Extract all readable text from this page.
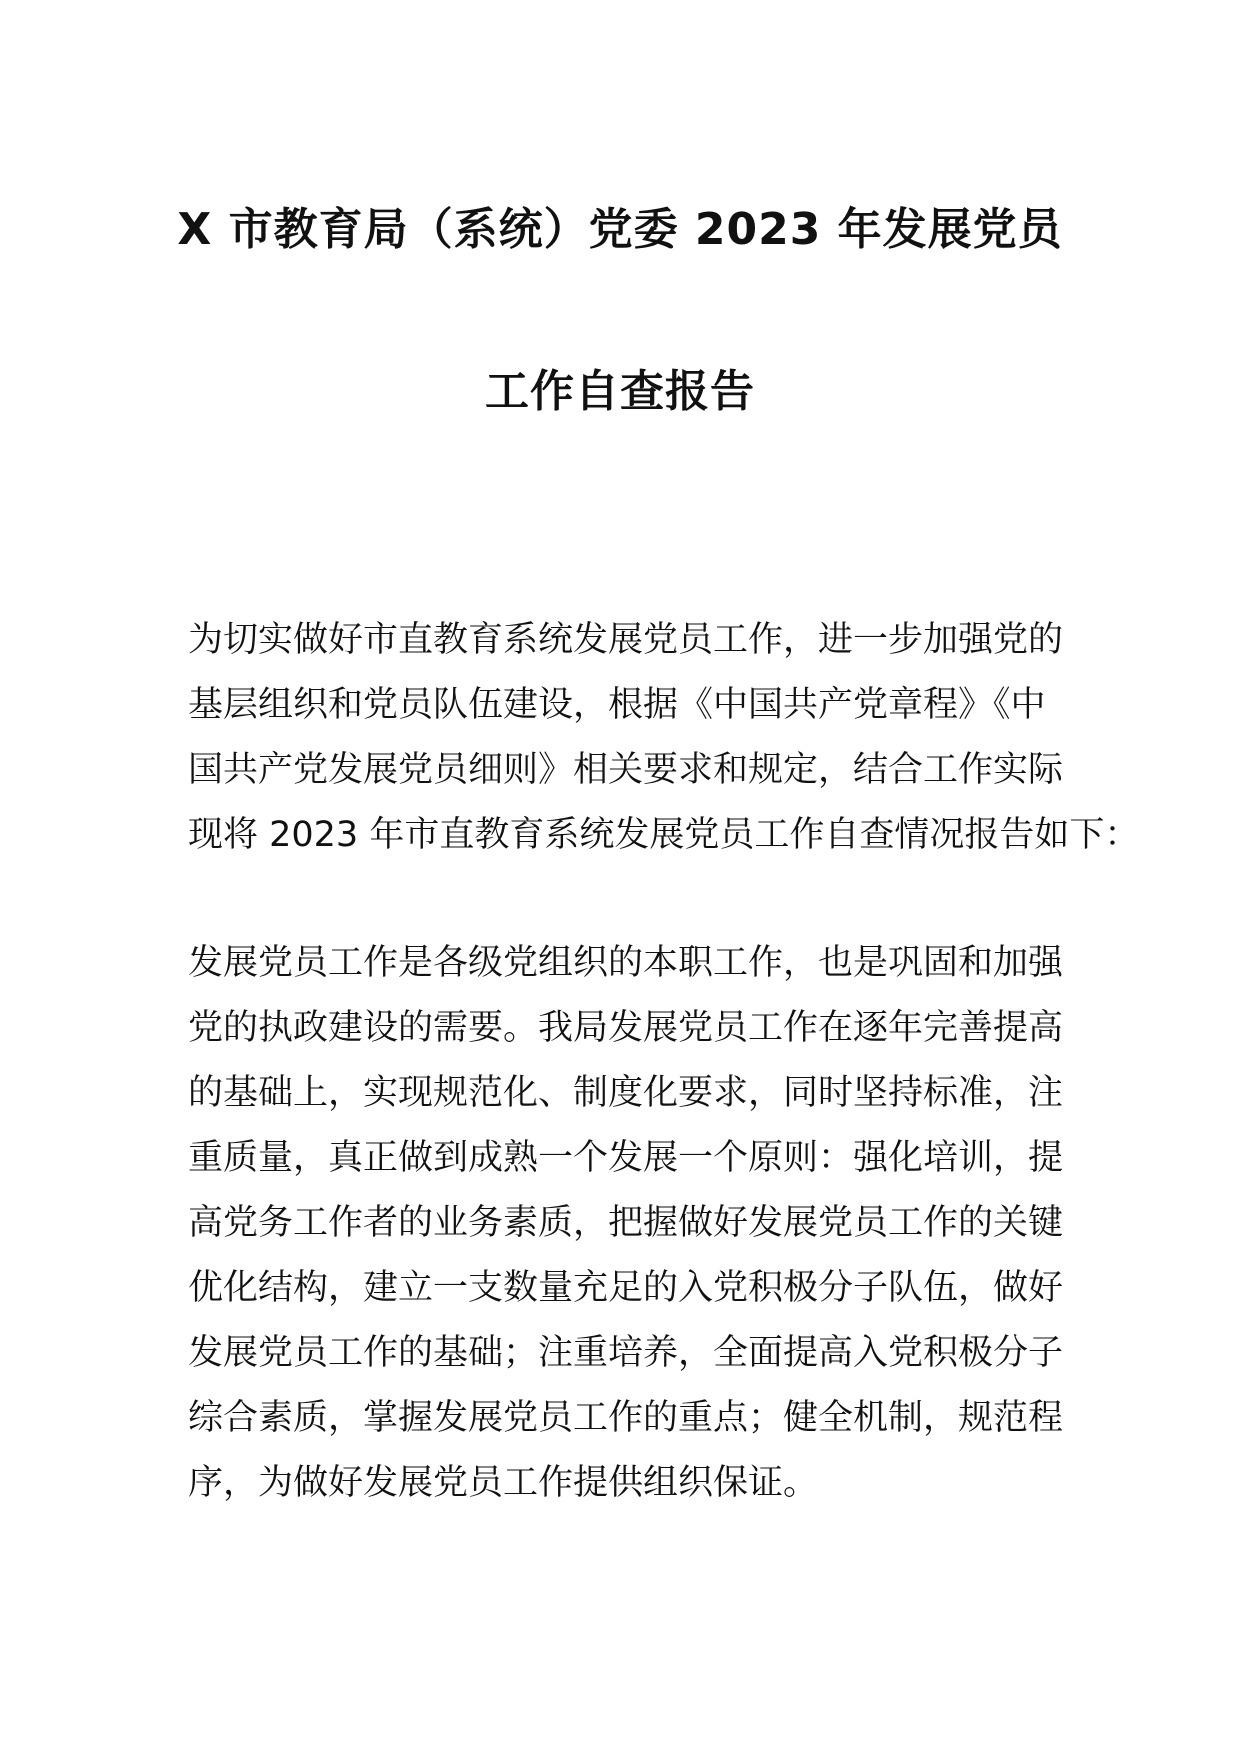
X 市教育局（系统）党委 2023 年发展党员
工作自查报告

为切实做好市直教育系统发展党员工作，进一步加强党的
基层组织和党员队伍建设，根据《中国共产党章程》《中
国共产党发展党员细则》相关要求和规定，结合工作实际
现将 2023 年市直教育系统发展党员工作自查情况报告如下：

发展党员工作是各级党组织的本职工作，也是巩固和加强
党的执政建设的需要。我局发展党员工作在逐年完善提高
的基础上，实现规范化、制度化要求，同时坚持标准，注
重质量，真正做到成熟一个发展一个原则：强化培训，提
高党务工作者的业务素质，把握做好发展党员工作的关键
优化结构，建立一支数量充足的入党积极分子队伍，做好
发展党员工作的基础；注重培养，全面提高入党积极分子
综合素质，掌握发展党员工作的重点；健全机制，规范程
序，为做好发展党员工作提供组织保证。
